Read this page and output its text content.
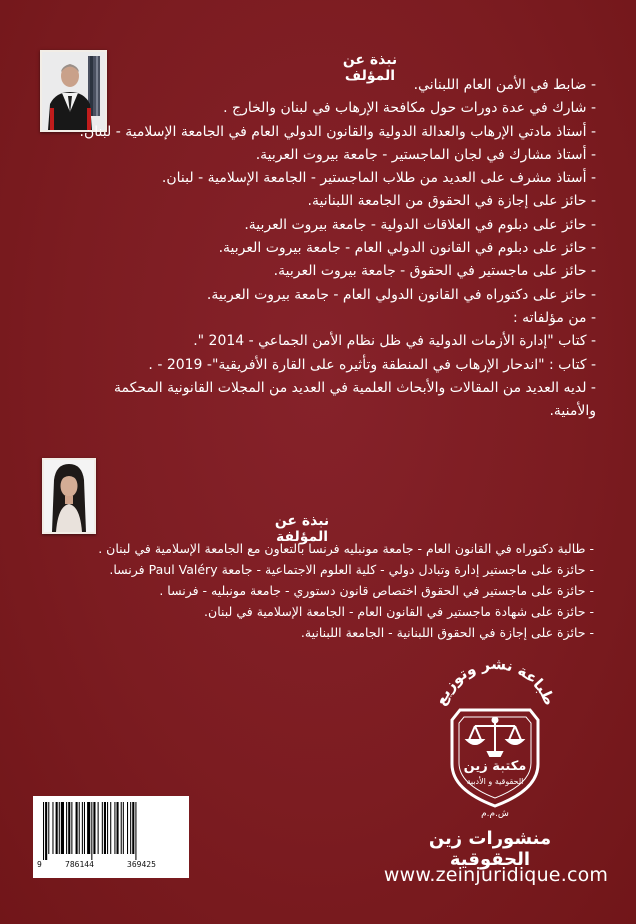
نبذة عن المؤلف
- ضابط في الأمن العام اللبناني.
- شارك في عدة دورات حول مكافحة الإرهاب في لبنان والخارج .
- أستاذ مادتي الإرهاب والعدالة الدولية والقانون الدولي العام في الجامعة الإسلامية - لبنان.
- أستاذ مشارك في لجان الماجستير - جامعة بيروت العربية.
- أستاذ مشرف على العديد من طلاب الماجستير - الجامعة الإسلامية - لبنان.
- حائز على إجازة في الحقوق من الجامعة اللبنانية.
- حائز على دبلوم في العلاقات الدولية - جامعة بيروت العربية.
- حائز على دبلوم في القانون الدولي العام - جامعة بيروت العربية.
- حائز على ماجستير في الحقوق - جامعة بيروت العربية.
- حائز على دكتوراه في القانون الدولي العام - جامعة بيروت العربية.
- من مؤلفاته :
- كتاب "إدارة الأزمات الدولية في ظل نظام الأمن الجماعي - 2014 ".
- كتاب : "اندحار الإرهاب في المنطقة وتأثيره على القارة الأفريقية"- 2019 - .
- لديه العديد من المقالات والأبحاث العلمية في العديد من المجلات القانونية المحكمة والأمنية.
نبذة عن المؤلفة
- طالبة دكتوراه في القانون العام - جامعة مونبليه فرنسا بالتعاون مع الجامعة الإسلامية في لبنان .
- حائزة على ماجستير إدارة وتبادل دولي - كلية العلوم الاجتماعية - جامعة Paul Valéry فرنسا.
- حائزة على ماجستير في الحقوق اختصاص قانون دستوري - جامعة مونبليه - فرنسا .
- حائزة على شهادة ماجستير في القانون العام - الجامعة الإسلامية في لبنان.
- حائزة على إجازة في الحقوق اللبنانية - الجامعة اللبنانية.
طباعة نشر وتوزيع
مكتبة زين
الحقوقية و الأدبية
ش.م.م
منشورات زين الحقوقية
www.zeinjuridique.com
9	786144	369425
